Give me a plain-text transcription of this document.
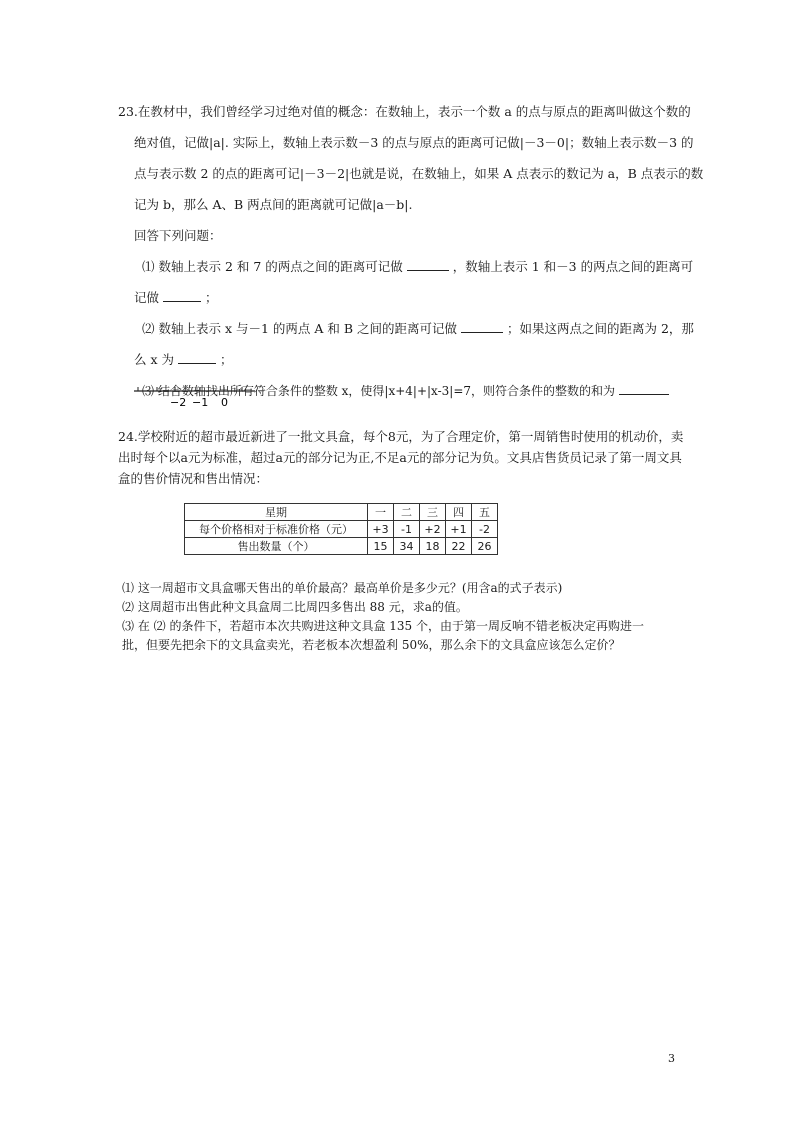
23.在教材中，我们曾经学习过绝对值的概念：在数轴上，表示一个数 a 的点与原点的距离叫做这个数的
绝对值，记做|a|. 实际上，数轴上表示数－3 的点与原点的距离可记做|－3－0|；数轴上表示数－3 的
点与表示数 2 的点的距离可记|－3－2|也就是说，在数轴上，如果 A 点表示的数记为 a，B 点表示的数
记为 b，那么 A、B 两点间的距离就可记做|a－b|.
回答下列问题：
⑴ 数轴上表示 2 和 7 的两点之间的距离可记做	，数轴上表示 1 和－3 的两点之间的距离可
记做	；
⑵ 数轴上表示 x 与－1 的两点 A 和 B 之间的距离可记做	；如果这两点之间的距离为 2，那
么 x 为	；
⑶ 结合数轴找出所有符合条件的整数 x，使得|x+4|+|x-3|=7，则符合条件的整数的和为
−2 −1 0
24.学校附近的超市最近新进了一批文具盒，每个8元，为了合理定价，第一周销售时使用的机动价，卖
出时每个以a元为标准，超过a元的部分记为正,不足a元的部分记为负。文具店售货员记录了第一周文具
盒的售价情况和售出情况：
星期	一	二	三	四	五
每个价格相对于标准价格（元）	+3	-1	+2	+1	-2
售出数量（个）	15	34	18	22	26
⑴ 这一周超市文具盒哪天售出的单价最高？最高单价是多少元？(用含a的式子表示)
⑵ 这周超市出售此种文具盒周二比周四多售出 88 元，求a的值。
⑶ 在 ⑵ 的条件下，若超市本次共购进这种文具盒 135 个，由于第一周反响不错老板决定再购进一
批，但要先把余下的文具盒卖光，若老板本次想盈利 50%，那么余下的文具盒应该怎么定价？
3
